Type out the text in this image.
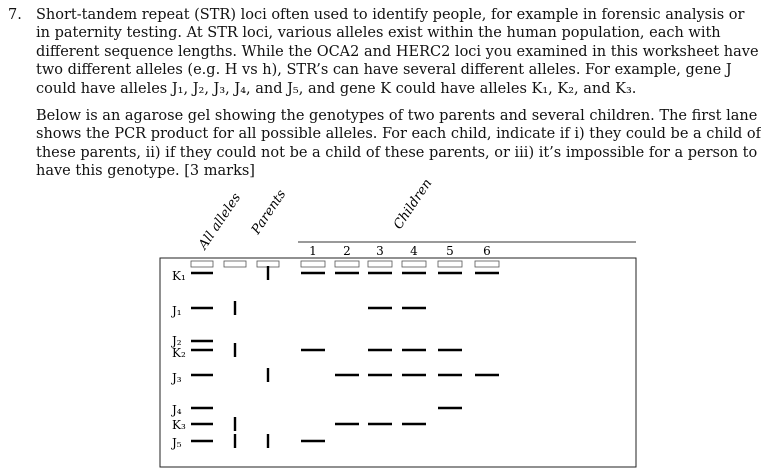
7. Short-tandem repeat (STR) loci often used to identify people, for example in forensic analysis or
in paternity testing. At STR loci, various alleles exist within the human population, each with
different sequence lengths. While the OCA2 and HERC2 loci you examined in this worksheet have
two different alleles (e.g. H vs h), STR’s can have several different alleles. For example, gene J
could have alleles J₁, J₂, J₃, J₄, and J₅, and gene K could have alleles K₁, K₂, and K₃.
Below is an agarose gel showing the genotypes of two parents and several children. The first lane
shows the PCR product for all possible alleles. For each child, indicate if i) they could be a child of
these parents, ii) if they could not be a child of these parents, or iii) it’s impossible for a person to
have this genotype. [3 marks]
K₁
J₁
J₂
K₂
J₃
J₄
K₃
J₅
All alleles Parents	Children
1 2 3 4 5 6
